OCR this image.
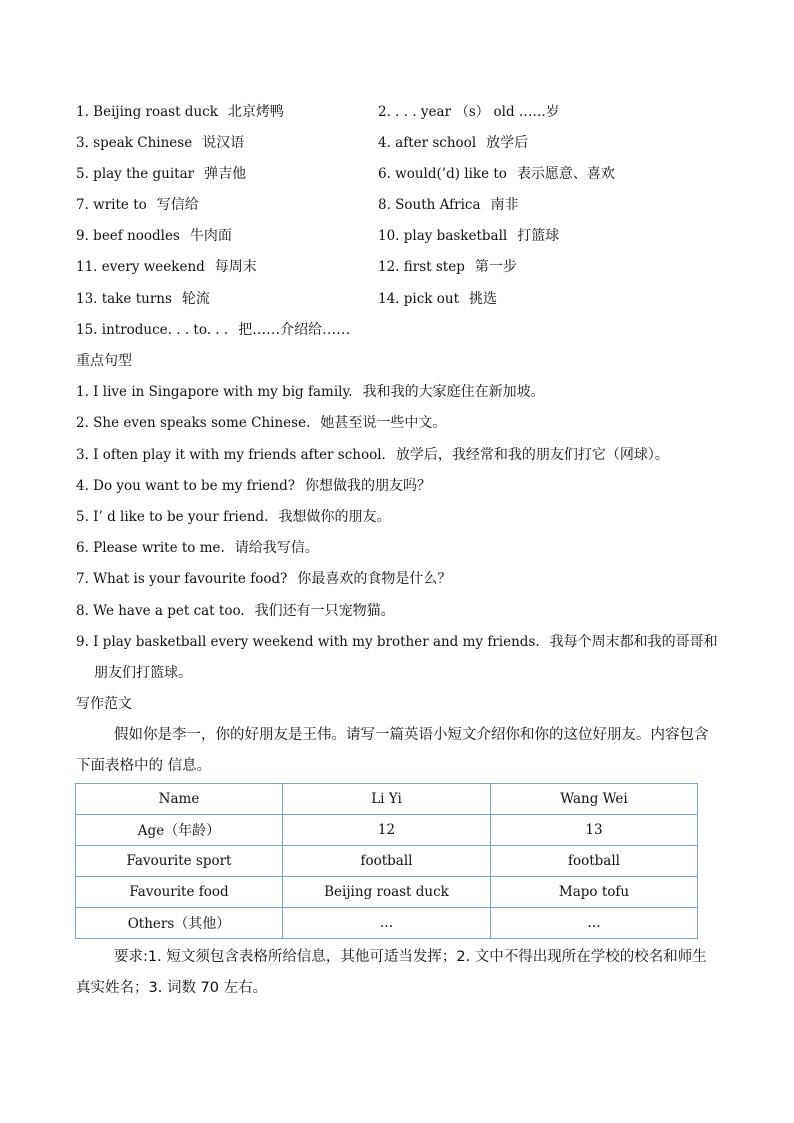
1. Beijing roast duck 北京烤鸭	2. . . . year （s） old ……岁
3. speak Chinese 说汉语	4. after school 放学后
5. play the guitar 弹吉他	6. would(’d) like to 表示愿意、喜欢
7. write to 写信给	8. South Africa 南非
9. beef noodles 牛肉面	10. play basketball 打篮球
11. every weekend 每周末	12. first step 第一步
13. take turns 轮流	14. pick out 挑选
15. introduce. . . to. . . 把……介绍给……
重点句型
1. I live in Singapore with my big family. 我和我的大家庭住在新加坡。
2. She even speaks some Chinese. 她甚至说一些中文。
3. I often play it with my friends after school. 放学后，我经常和我的朋友们打它（网球）。
4. Do you want to be my friend? 你想做我的朋友吗？
5. I’ d like to be your friend. 我想做你的朋友。
6. Please write to me. 请给我写信。
7. What is your favourite food? 你最喜欢的食物是什么？
8. We have a pet cat too. 我们还有一只宠物猫。
9. I play basketball every weekend with my brother and my friends. 我每个周末都和我的哥哥和
朋友们打篮球。
写作范文
假如你是李一，你的好朋友是王伟。请写一篇英语小短文介绍你和你的这位好朋友。内容包含下面表格中的 信息。
Name	Li Yi	Wang Wei
Age（年龄）	12	13
Favourite sport	football	football
Favourite food	Beijing roast duck	Mapo tofu
Others（其他）	…	…
要求:1. 短文须包含表格所给信息，其他可适当发挥；2. 文中不得出现所在学校的校名和师生真实姓名；3. 词数 70 左右。
